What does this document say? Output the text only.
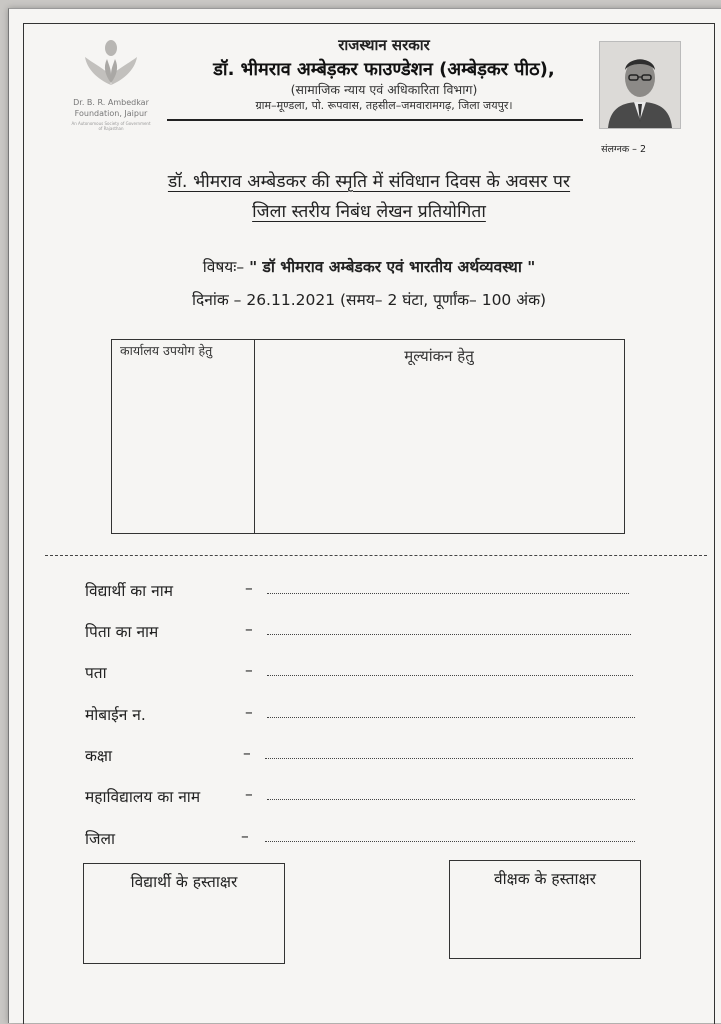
Dr. B. R. Ambedkar
Foundation, Jaipur
An Autonomous Society of Government of Rajasthan
राजस्थान सरकार
डॉ. भीमराव अम्बेड़कर फाउण्डेशन (अम्बेड़कर पीठ),
(सामाजिक न्याय एवं अधिकारिता विभाग)
ग्राम–मूण्डला, पो. रूपवास, तहसील–जमवारामगढ़, जिला जयपुर।
संलग्नक – 2
डॉ. भीमराव अम्बेडकर की स्मृति में संविधान दिवस के अवसर पर
जिला स्तरीय निबंध लेखन प्रतियोगिता
विषयः– " डॉ भीमराव अम्बेडकर एवं भारतीय अर्थव्यवस्था "
दिनांक – 26.11.2021 (समय– 2 घंटा, पूर्णांक– 100 अंक)
कार्यालय उपयोग हेतु	मूल्यांकन हेतु
विद्यार्थी का नाम	–
पिता का नाम	–
पता	–
मोबाईन न.	–
कक्षा	–
महाविद्यालय का नाम	–
जिला	–
विद्यार्थी के हस्ताक्षर	वीक्षक के हस्ताक्षर
